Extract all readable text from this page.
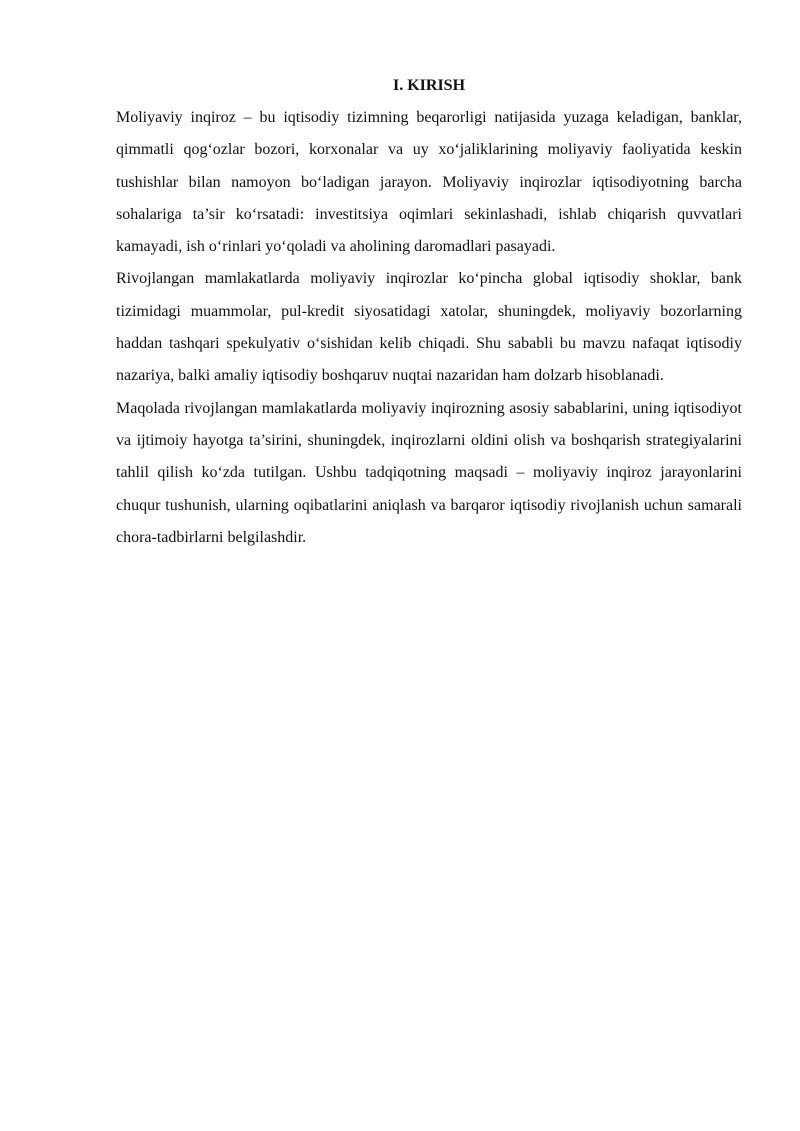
I. KIRISH

Moliyaviy inqiroz – bu iqtisodiy tizimning beqarorligi natijasida yuzaga keladigan, banklar, qimmatli qog‘ozlar bozori, korxonalar va uy xo‘jaliklarining moliyaviy faoliyatida keskin tushishlar bilan namoyon bo‘ladigan jarayon. Moliyaviy inqirozlar iqtisodiyotning barcha sohalariga ta’sir ko‘rsatadi: investitsiya oqimlari sekinlashadi, ishlab chiqarish quvvatlari kamayadi, ish o‘rinlari yo‘qoladi va aholining daromadlari pasayadi.

Rivojlangan mamlakatlarda moliyaviy inqirozlar ko‘pincha global iqtisodiy shoklar, bank tizimidagi muammolar, pul-kredit siyosatidagi xatolar, shuningdek, moliyaviy bozorlarning haddan tashqari spekulyativ o‘sishidan kelib chiqadi. Shu sababli bu mavzu nafaqat iqtisodiy nazariya, balki amaliy iqtisodiy boshqaruv nuqtai nazaridan ham dolzarb hisoblanadi.

Maqolada rivojlangan mamlakatlarda moliyaviy inqirozning asosiy sabablarini, uning iqtisodiyot va ijtimoiy hayotga ta’sirini, shuningdek, inqirozlarni oldini olish va boshqarish strategiyalarini tahlil qilish ko‘zda tutilgan. Ushbu tadqiqotning maqsadi – moliyaviy inqiroz jarayonlarini chuqur tushunish, ularning oqibatlarini aniqlash va barqaror iqtisodiy rivojlanish uchun samarali chora-tadbirlarni belgilashdir.
